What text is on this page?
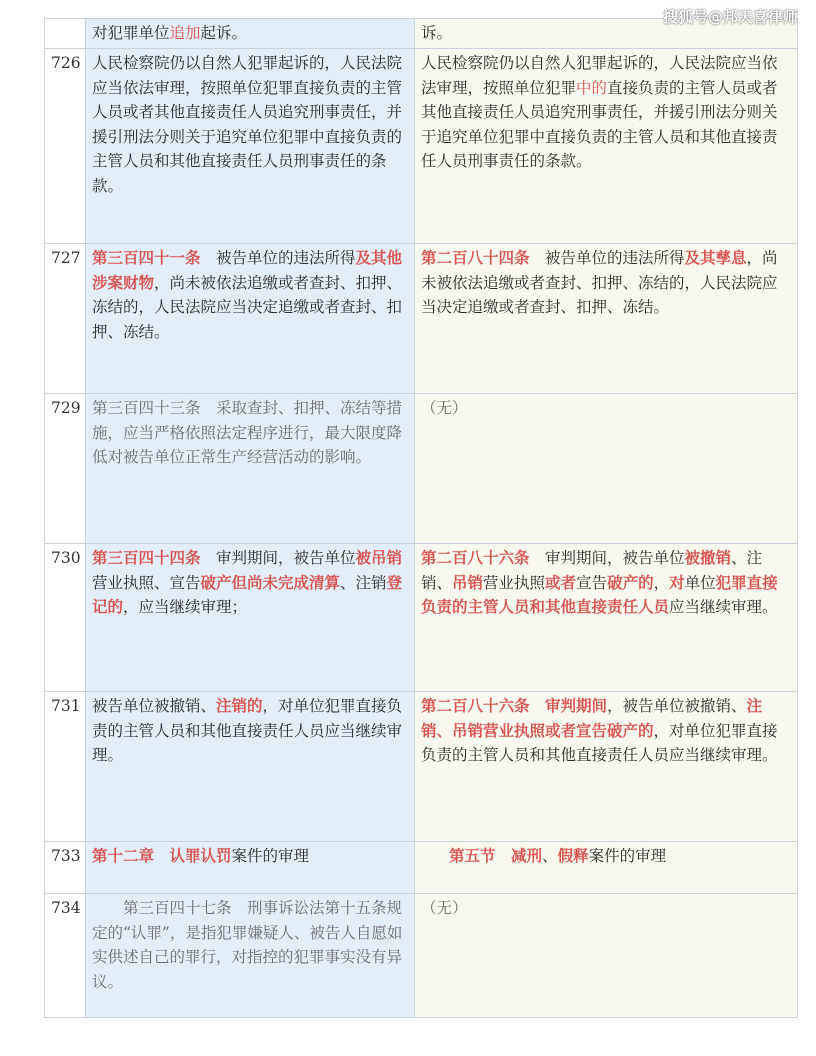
搜狐号@邦天喜律师
	对犯罪单位追加起诉。	诉。
726	人民检察院仍以自然人犯罪起诉的，人民法院应当依法审理，按照单位犯罪直接负责的主管人员或者其他直接责任人员追究刑事责任，并援引刑法分则关于追究单位犯罪中直接负责的主管人员和其他直接责任人员刑事责任的条款。	人民检察院仍以自然人犯罪起诉的，人民法院应当依法审理，按照单位犯罪中的直接负责的主管人员或者其他直接责任人员追究刑事责任，并援引刑法分则关于追究单位犯罪中直接负责的主管人员和其他直接责任人员刑事责任的条款。
727	第三百四十一条　被告单位的违法所得及其他涉案财物，尚未被依法追缴或者查封、扣押、冻结的，人民法院应当决定追缴或者查封、扣押、冻结。	第二百八十四条　被告单位的违法所得及其孳息，尚未被依法追缴或者查封、扣押、冻结的，人民法院应当决定追缴或者查封、扣押、冻结。
729	第三百四十三条　采取查封、扣押、冻结等措施，应当严格依照法定程序进行，最大限度降低对被告单位正常生产经营活动的影响。	（无）
730	第三百四十四条　审判期间，被告单位被吊销营业执照、宣告破产但尚未完成清算、注销登记的，应当继续审理；	第二百八十六条　审判期间，被告单位被撤销、注销、吊销营业执照或者宣告破产的，对单位犯罪直接负责的主管人员和其他直接责任人员应当继续审理。
731	被告单位被撤销、注销的，对单位犯罪直接负责的主管人员和其他直接责任人员应当继续审理。	第二百八十六条　 审判期间，被告单位被撤销、注销、吊销营业执照或者宣告破产的，对单位犯罪直接负责的主管人员和其他直接责任人员应当继续审理。
733	第十二章　 认罪认罚案件的审理	第五节　 减刑、假释案件的审理
734	第三百四十七条　刑事诉讼法第十五条规定的“认罪”，是指犯罪嫌疑人、被告人自愿如实供述自己的罪行，对指控的犯罪事实没有异议。	（无）
